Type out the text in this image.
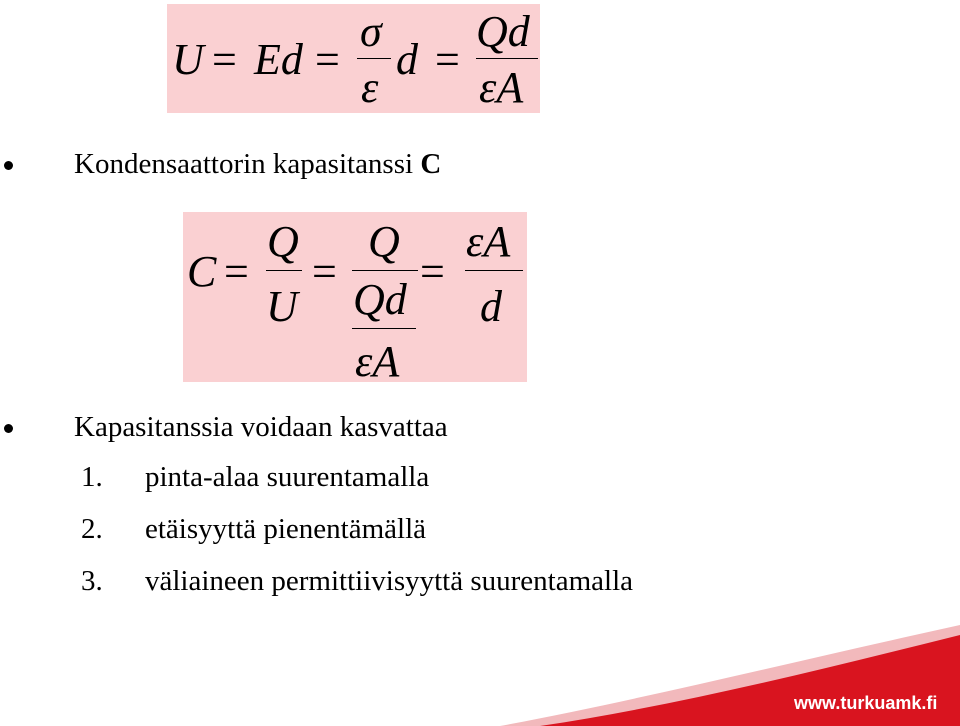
U = Ed =
σ
ε
d =
Qd
εA
Kondensaattorin kapasitanssi C
C =
Q
U
=
Q
Qd
εA
=
εA
d
Kapasitanssia voidaan kasvattaa
1. pinta-alaa suurentamalla
2. etäisyyttä pienentämällä
3. väliaineen permittiivisyyttä suurentamalla
www.turkuamk.fi
